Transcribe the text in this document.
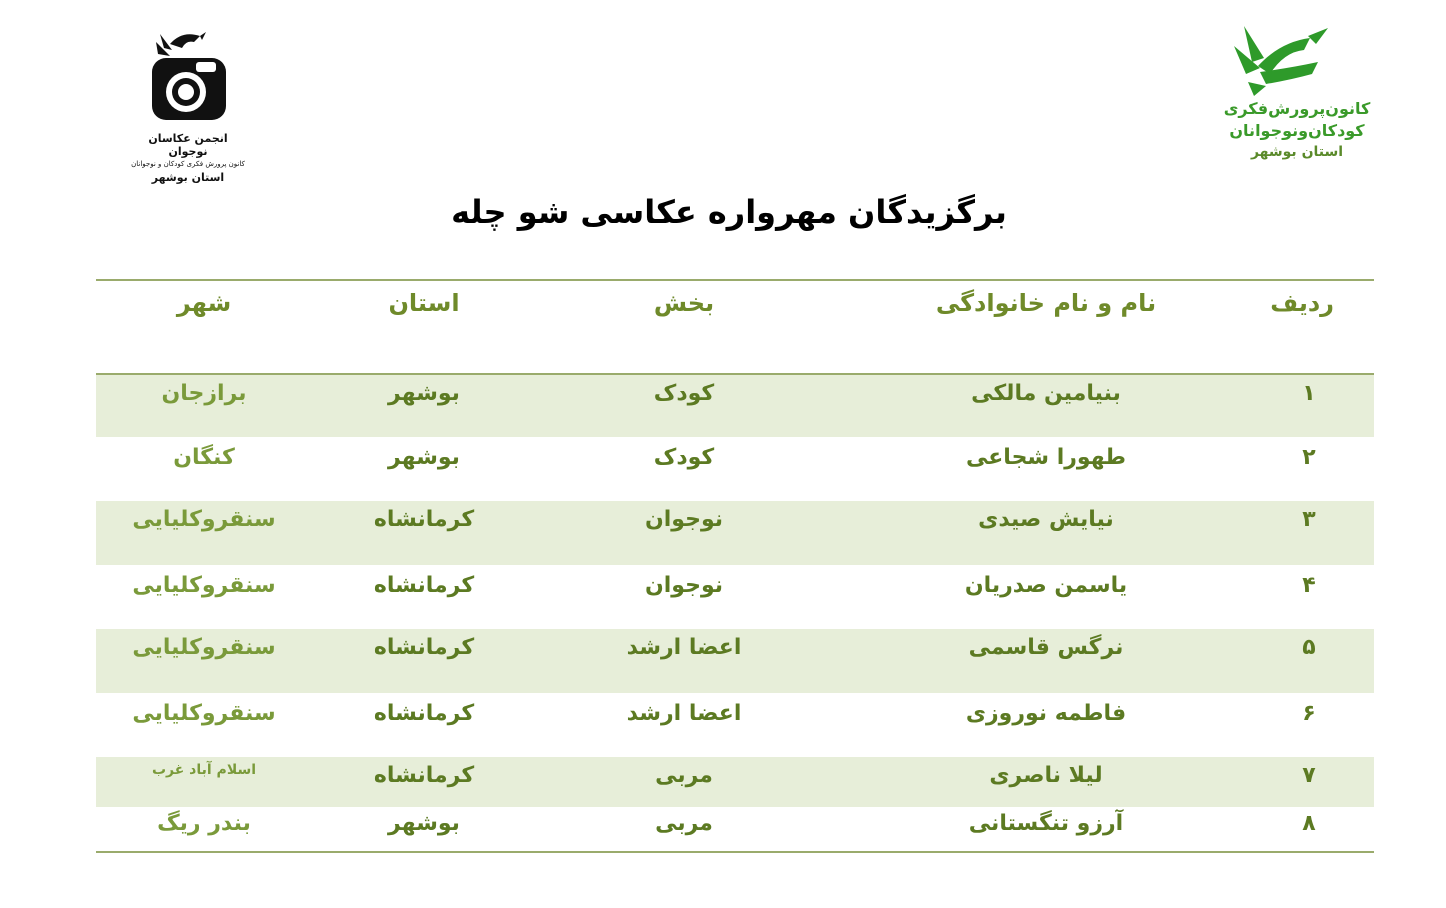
انجمن عکاسان نوجوان
کانون پرورش فکری کودکان و نوجوانان
استان بوشهر
کانون‌پرورش‌فکری
کودکان‌ونوجوانان
استان بوشهر
برگزیدگان مهرواره عکاسی شو چله
ردیف
نام و نام خانوادگی
بخش
استان
شهر
۱
بنیامین مالکی
کودک
بوشهر
برازجان
۲
طهورا شجاعی
کودک
بوشهر
کنگان
۳
نیایش صیدی
نوجوان
کرمانشاه
سنقروکلیایی
۴
یاسمن صدریان
نوجوان
کرمانشاه
سنقروکلیایی
۵
نرگس قاسمی
اعضا ارشد
کرمانشاه
سنقروکلیایی
۶
فاطمه نوروزی
اعضا ارشد
کرمانشاه
سنقروکلیایی
۷
لیلا ناصری
مربی
کرمانشاه
اسلام آباد غرب
۸
آرزو تنگستانی
مربی
بوشهر
بندر ریگ
